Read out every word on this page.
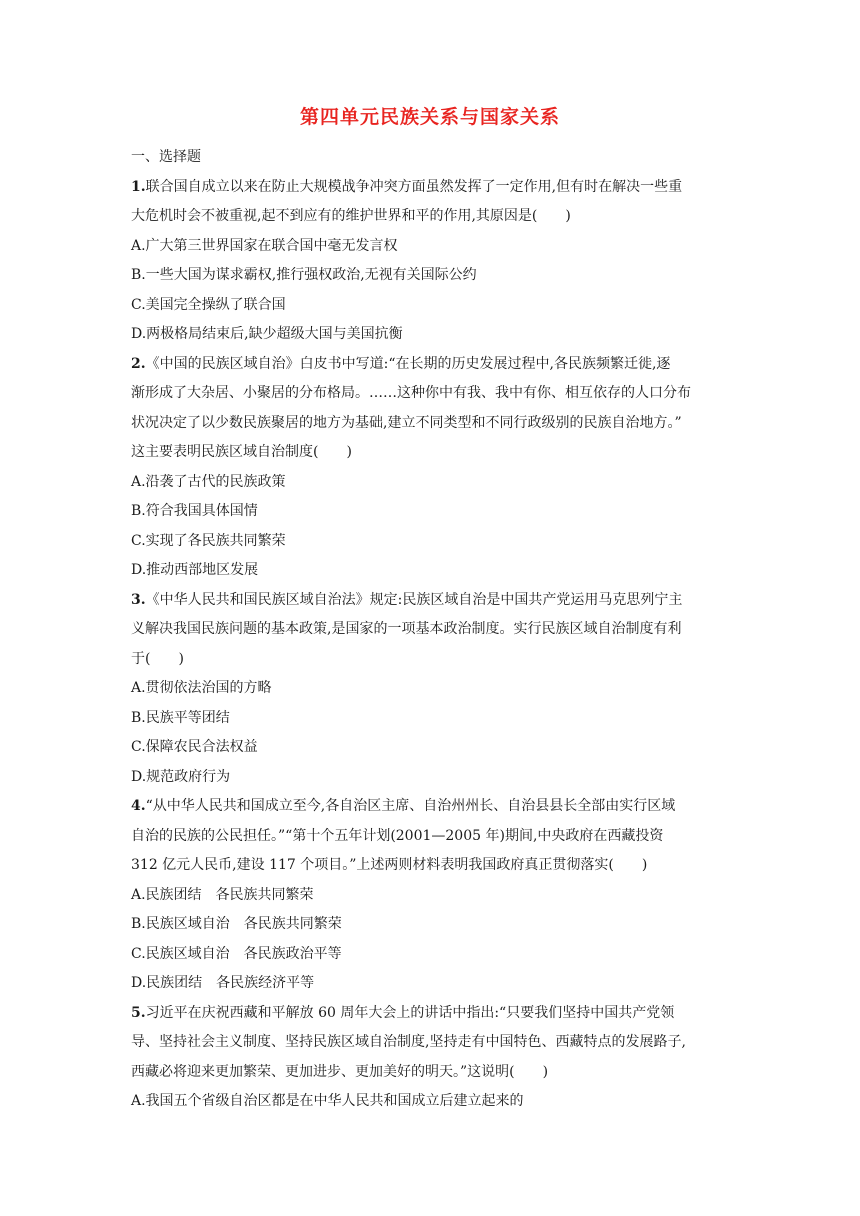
第四单元民族关系与国家关系
一、选择题
1.联合国自成立以来在防止大规模战争冲突方面虽然发挥了一定作用,但有时在解决一些重
大危机时会不被重视,起不到应有的维护世界和平的作用,其原因是(　　)
A.广大第三世界国家在联合国中毫无发言权
B.一些大国为谋求霸权,推行强权政治,无视有关国际公约
C.美国完全操纵了联合国
D.两极格局结束后,缺少超级大国与美国抗衡
2.《中国的民族区域自治》白皮书中写道:“在长期的历史发展过程中,各民族频繁迁徙,逐
渐形成了大杂居、小聚居的分布格局。……这种你中有我、我中有你、相互依存的人口分布
状况决定了以少数民族聚居的地方为基础,建立不同类型和不同行政级别的民族自治地方。”
这主要表明民族区域自治制度(　　)
A.沿袭了古代的民族政策
B.符合我国具体国情
C.实现了各民族共同繁荣
D.推动西部地区发展
3.《中华人民共和国民族区域自治法》规定:民族区域自治是中国共产党运用马克思列宁主
义解决我国民族问题的基本政策,是国家的一项基本政治制度。实行民族区域自治制度有利
于(　　)
A.贯彻依法治国的方略
B.民族平等团结
C.保障农民合法权益
D.规范政府行为
4.“从中华人民共和国成立至今,各自治区主席、自治州州长、自治县县长全部由实行区域
自治的民族的公民担任。”“第十个五年计划(2001—2005 年)期间,中央政府在西藏投资
312 亿元人民币,建设 117 个项目。”上述两则材料表明我国政府真正贯彻落实(　　)
A.民族团结　各民族共同繁荣
B.民族区域自治　各民族共同繁荣
C.民族区域自治　各民族政治平等
D.民族团结　各民族经济平等
5.习近平在庆祝西藏和平解放 60 周年大会上的讲话中指出:“只要我们坚持中国共产党领
导、坚持社会主义制度、坚持民族区域自治制度,坚持走有中国特色、西藏特点的发展路子,
西藏必将迎来更加繁荣、更加进步、更加美好的明天。”这说明(　　)
A.我国五个省级自治区都是在中华人民共和国成立后建立起来的
